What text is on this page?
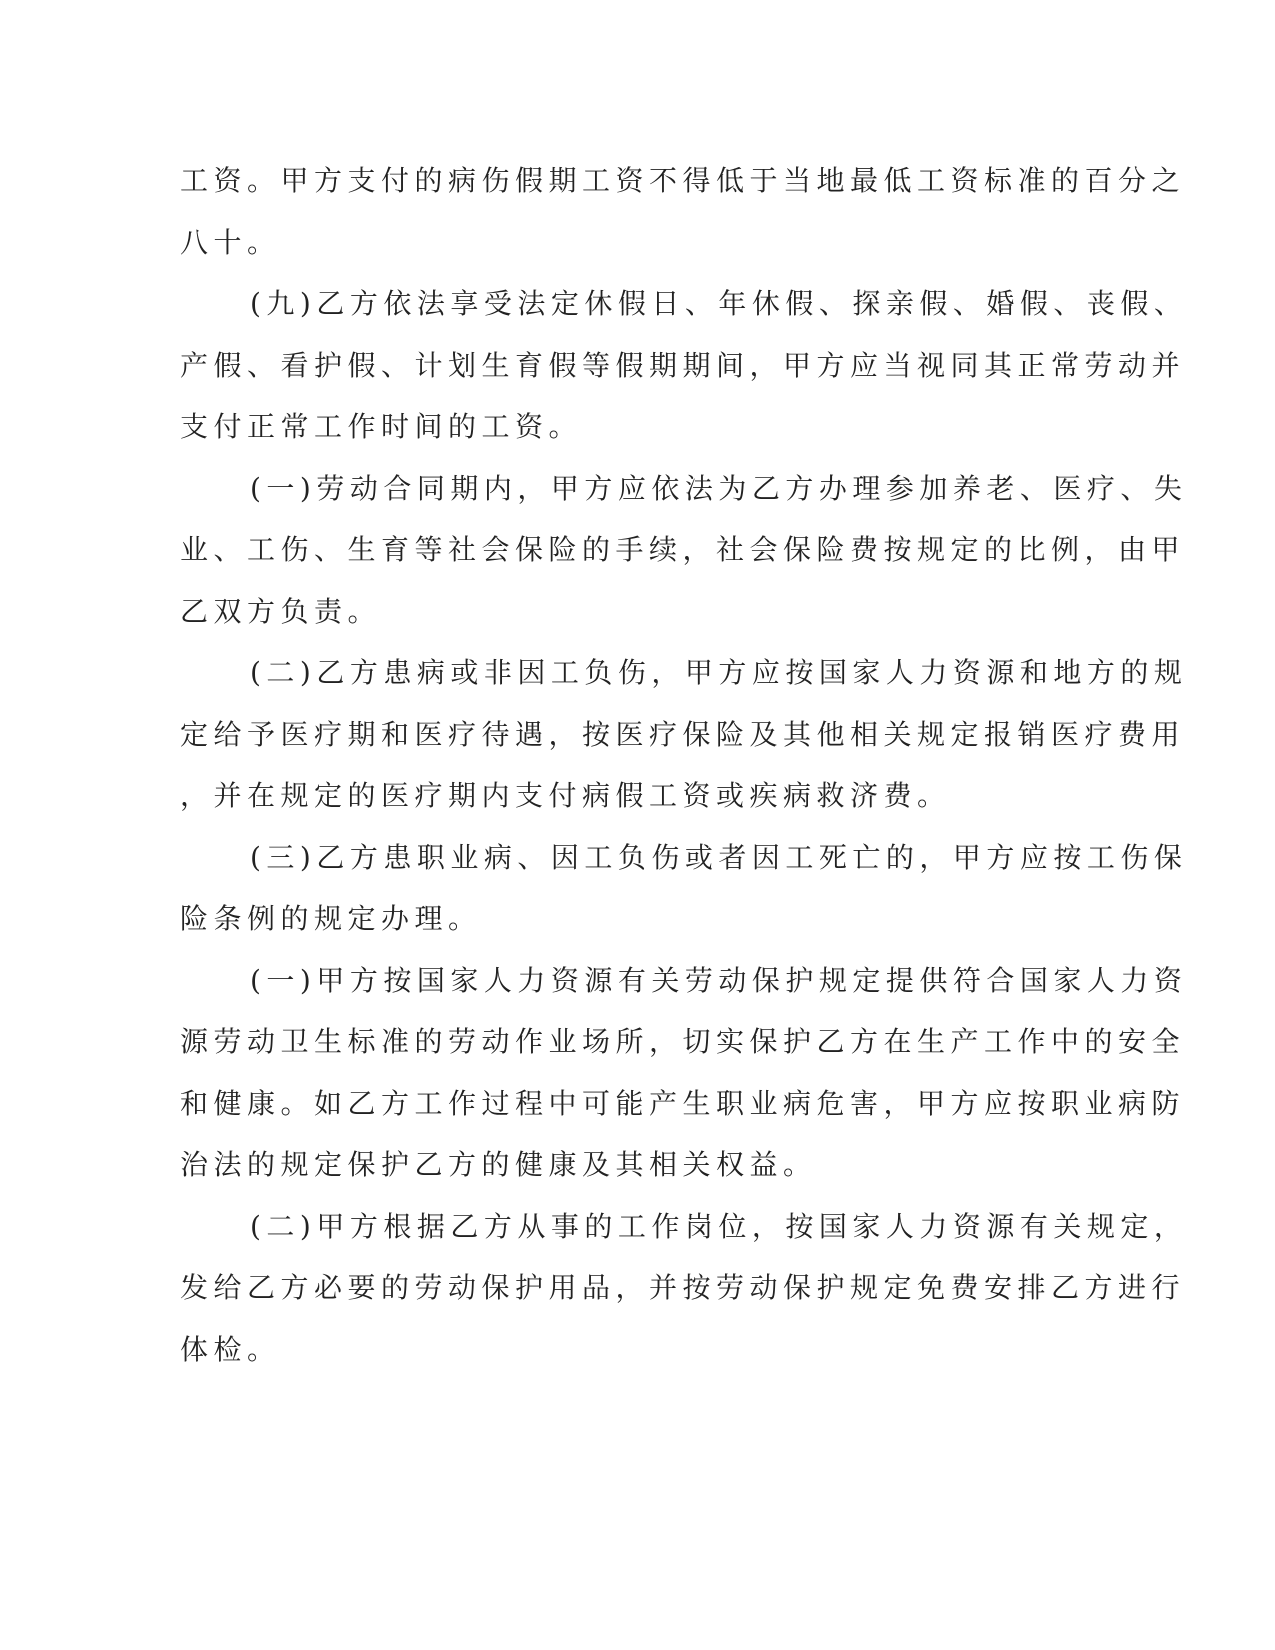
工资。甲方支付的病伤假期工资不得低于当地最低工资标准的百分之
八十。
(九)乙方依法享受法定休假日、年休假、探亲假、婚假、丧假、
产假、看护假、计划生育假等假期期间，甲方应当视同其正常劳动并
支付正常工作时间的工资。
(一)劳动合同期内，甲方应依法为乙方办理参加养老、医疗、失
业、工伤、生育等社会保险的手续，社会保险费按规定的比例，由甲
乙双方负责。
(二)乙方患病或非因工负伤，甲方应按国家人力资源和地方的规
定给予医疗期和医疗待遇，按医疗保险及其他相关规定报销医疗费用
，并在规定的医疗期内支付病假工资或疾病救济费。
(三)乙方患职业病、因工负伤或者因工死亡的，甲方应按工伤保
险条例的规定办理。
(一)甲方按国家人力资源有关劳动保护规定提供符合国家人力资
源劳动卫生标准的劳动作业场所，切实保护乙方在生产工作中的安全
和健康。如乙方工作过程中可能产生职业病危害，甲方应按职业病防
治法的规定保护乙方的健康及其相关权益。
(二)甲方根据乙方从事的工作岗位，按国家人力资源有关规定，
发给乙方必要的劳动保护用品，并按劳动保护规定免费安排乙方进行
体检。
